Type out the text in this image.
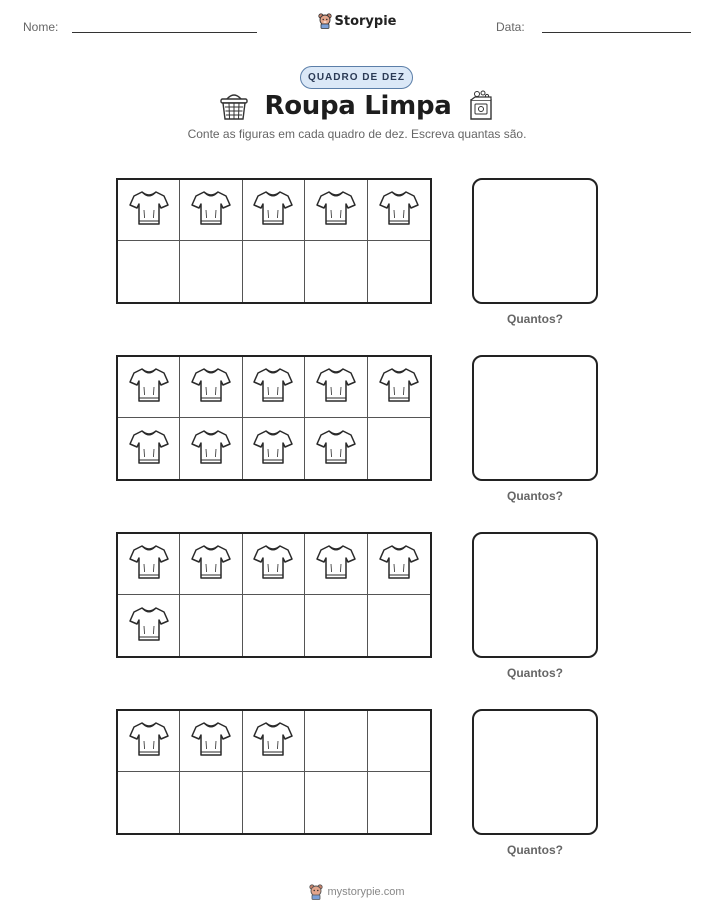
Nome:	Storypie	Data:
QUADRO DE DEZ
Roupa Limpa
Conte as figuras em cada quadro de dez. Escreva quantas são.
Quantos?
Quantos?
Quantos?
Quantos?
mystorypie.com
